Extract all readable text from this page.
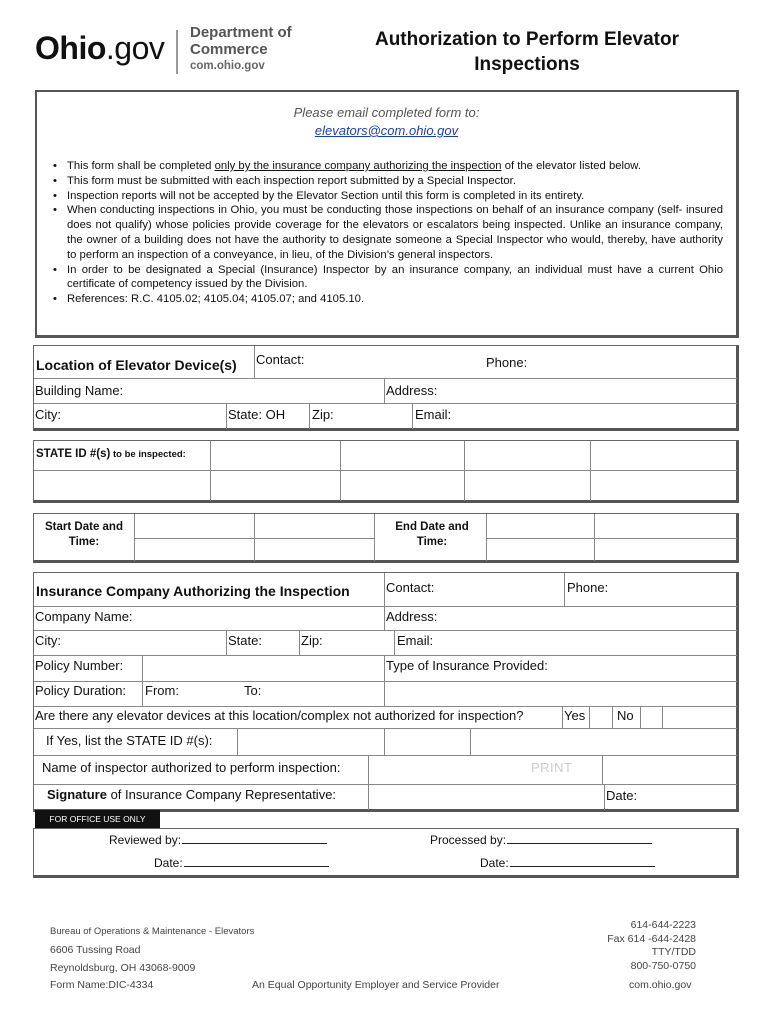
Ohio.gov Department of
Commerce
com.ohio.gov
Authorization to Perform Elevator
Inspections
Please email completed form to:
elevators@com.ohio.gov
• This form shall be completed only by the insurance company authorizing the inspection of the elevator listed below.
• This form must be submitted with each inspection report submitted by a Special Inspector.
• Inspection reports will not be accepted by the Elevator Section until this form is completed in its entirety.
• When conducting inspections in Ohio, you must be conducting those inspections on behalf of an insurance company (self- insured does not qualify) whose policies provide coverage for the elevators or escalators being inspected. Unlike an insurance company, the owner of a building does not have the authority to designate someone a Special Inspector who would, thereby, have authority to perform an inspection of a conveyance, in lieu, of the Division’s general inspectors.
• In order to be designated a Special (Insurance) Inspector by an insurance company, an individual must have a current Ohio certificate of competency issued by the Division.
• References: R.C. 4105.02; 4105.04; 4105.07; and 4105.10.
Location of Elevator Device(s) Contact:	Phone:
Building Name:	Address:
City:	State: OH Zip:	Email:
STATE ID #(s) to be inspected:
Start Date and Time:
End Date and Time:
Insurance Company Authorizing the Inspection	Contact:	Phone:
Company Name:	Address:
City:	State:	Zip:	Email:
Policy Number:	Type of Insurance Provided:
Policy Duration: From:	To:
Are there any elevator devices at this location/complex not authorized for inspection?	Yes No
If Yes, list the STATE ID #(s):
Name of inspector authorized to perform inspection:	PRINT
Signature of Insurance Company Representative:	Date:
FOR OFFICE USE ONLY
Reviewed by:	Processed by:
Date:	Date:
Bureau of Operations & Maintenance - Elevators
6606 Tussing Road
Reynoldsburg, OH 43068-9009
Form Name:DIC-4334	An Equal Opportunity Employer and Service Provider
614-644-2223
Fax 614 -644-2428
TTY/TDD
800-750-0750
com.ohio.gov
